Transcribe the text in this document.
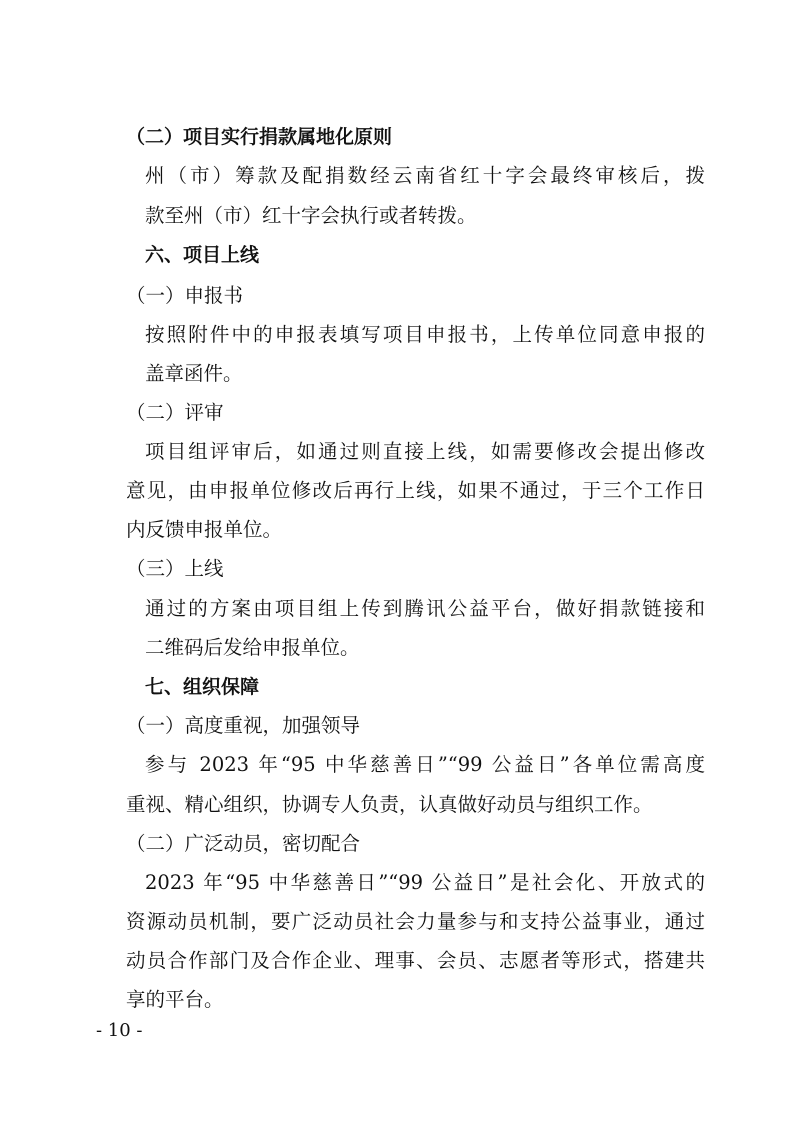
（二）项目实行捐款属地化原则
州（市）筹款及配捐数经云南省红十字会最终审核后，拨
款至州（市）红十字会执行或者转拨。
六、项目上线
（一）申报书
按照附件中的申报表填写项目申报书，上传单位同意申报的
盖章函件。
（二）评审
项目组评审后，如通过则直接上线，如需要修改会提出修改
意见，由申报单位修改后再行上线，如果不通过，于三个工作日
内反馈申报单位。
（三）上线
通过的方案由项目组上传到腾讯公益平台，做好捐款链接和
二维码后发给申报单位。
七、组织保障
（一）高度重视，加强领导
参与 2023 年“95 中华慈善日”“99 公益日”各单位需高度
重视、精心组织，协调专人负责，认真做好动员与组织工作。
（二）广泛动员，密切配合
2023 年“95 中华慈善日”“99 公益日”是社会化、开放式的
资源动员机制，要广泛动员社会力量参与和支持公益事业，通过
动员合作部门及合作企业、理事、会员、志愿者等形式，搭建共
享的平台。
- 10 -
